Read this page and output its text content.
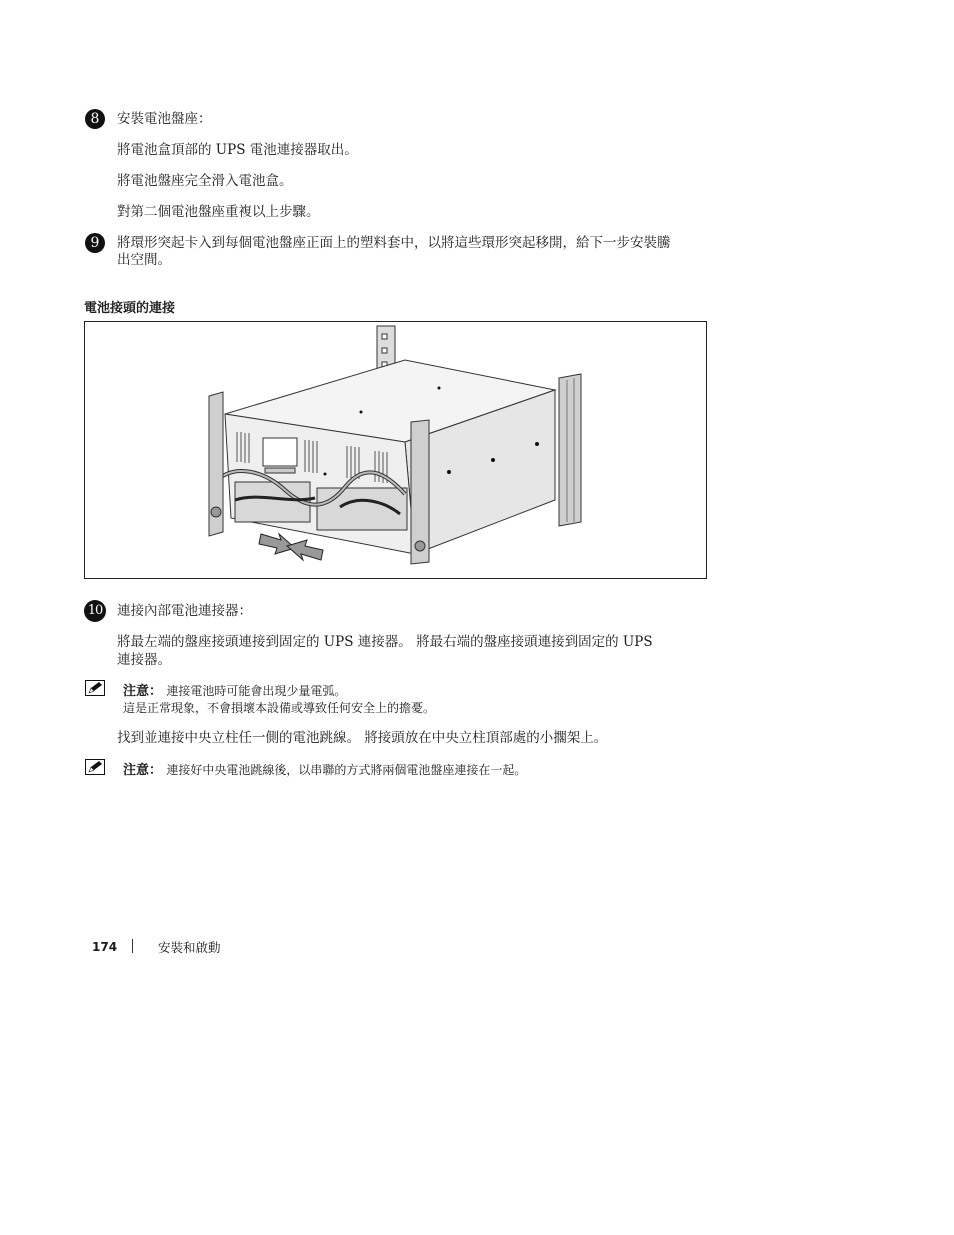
8	安裝電池盤座：
將電池盒頂部的 UPS 電池連接器取出。
將電池盤座完全滑入電池盒。
對第二個電池盤座重複以上步驟。
9	將環形突起卡入到每個電池盤座正面上的塑料套中，以將這些環形突起移開，給下一步安裝騰
出空間。
電池接頭的連接
10 連接內部電池連接器：
將最左端的盤座接頭連接到固定的 UPS 連接器。 將最右端的盤座接頭連接到固定的 UPS
連接器。
注意： 連接電池時可能會出現少量電弧。
這是正常現象，不會損壞本設備或導致任何安全上的擔憂。
找到並連接中央立柱任一側的電池跳線。 將接頭放在中央立柱頂部處的小擱架上。
注意： 連接好中央電池跳線後，以串聯的方式將兩個電池盤座連接在一起。
174	安裝和啟動
